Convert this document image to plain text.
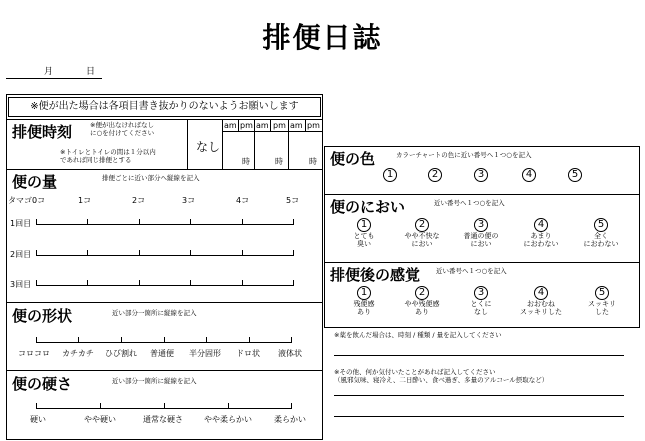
排便日誌
月	日
※便が出た場合は各項目書き抜かりのないようお願いします
排便時刻	※便が出なければなし
に○を付けてください
※トイレとトイレの間は１分以内
であれば同じ排便とする
なし
am pm am pm am pm
時	時	時
便の量	排便ごとに近い部分へ縦線を記入
タマゴ0コ	1コ	2コ	3コ	4コ	5コ
1回目
2回目
3回目
便の形状	近い部分一箇所に縦線を記入
コロコロ カチカチ ひび割れ 普通便 半分固形 ドロ状 液体状
便の硬さ	近い部分一箇所に縦線を記入
硬い	やや硬い	通常な硬さ	やや柔らかい	柔らかい
便の色	カラーチャートの色に近い番号へ１つ○を記入
1	2	3	4	5
便のにおい	近い番号へ１つ○を記入
1
とても
臭い
2
やや不快な
におい
3
普通の便の
におい
4
あまり
におわない
5
全く
におわない
排便後の感覚 近い番号へ１つ○を記入
1
残便感
あり
2
やや残便感
あり
3
とくに
なし
4
おおむね
スッキリした
5
スッキリ
した
※薬を飲んだ場合は、時刻 / 種類 / 量を記入してください
※その他、何か気付いたことがあれば記入してください
（風邪気味、寝冷え、二日酔い、食べ過ぎ、多量のアルコール摂取など）
